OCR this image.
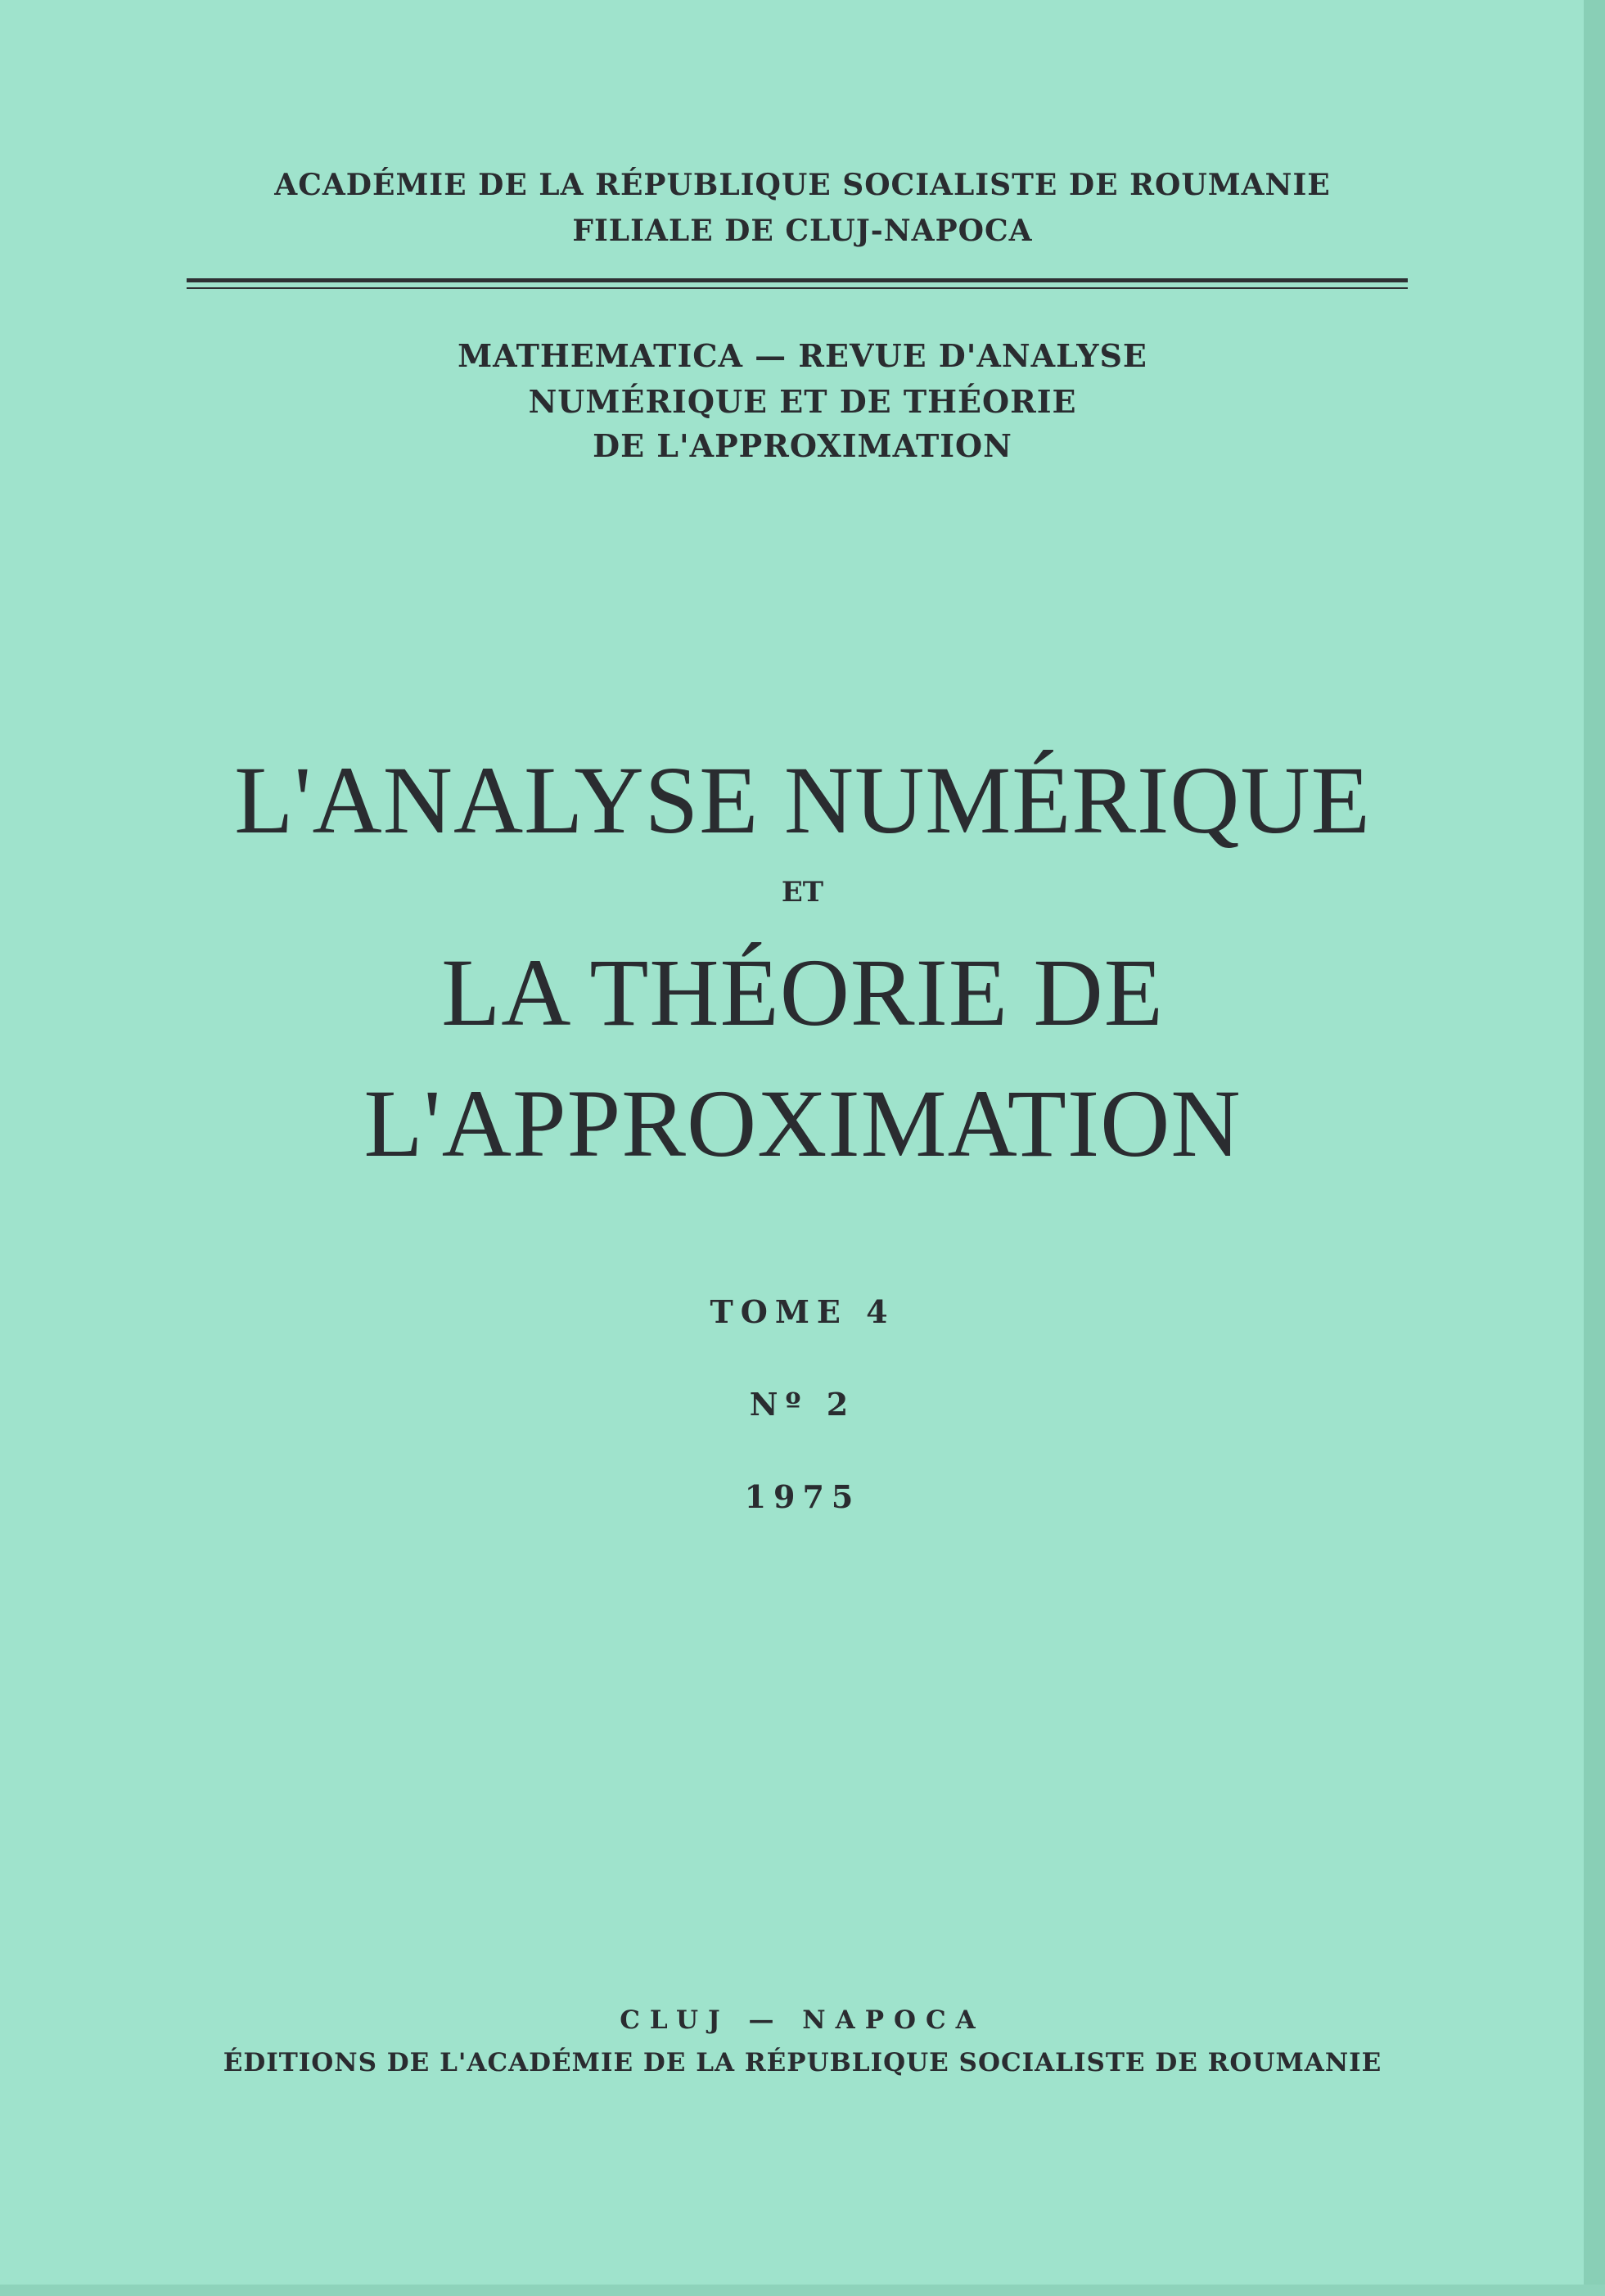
ACADÉMIE DE LA RÉPUBLIQUE SOCIALISTE DE ROUMANIE
FILIALE DE CLUJ-NAPOCA
MATHEMATICA — REVUE D'ANALYSE
NUMÉRIQUE ET DE THÉORIE
DE L'APPROXIMATION
L'ANALYSE NUMÉRIQUE
ET
LA THÉORIE DE
L'APPROXIMATION
TOME 4
Nº 2
1975
CLUJ — NAPOCA
ÉDITIONS DE L'ACADÉMIE DE LA RÉPUBLIQUE SOCIALISTE DE ROUMANIE
